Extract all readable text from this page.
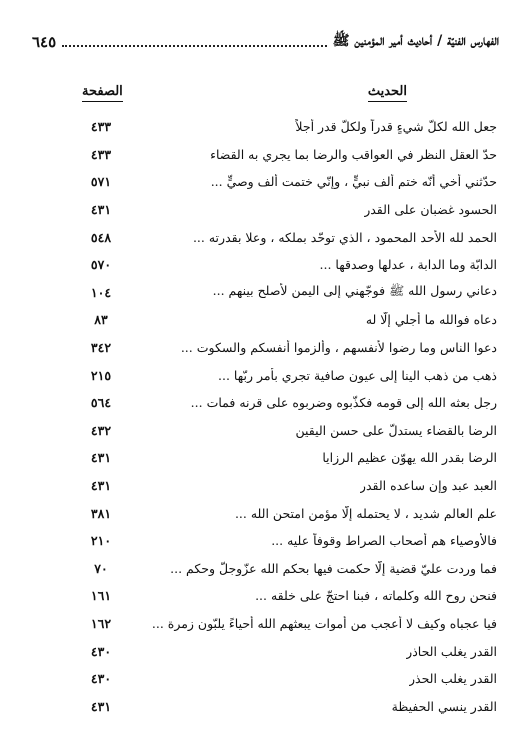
الفهارس الفنيّة / أحاديث أمير المؤمنين ﷺ
٦٤٥
الحديث
الصفحة
جعل الله لكلّ شيءٍ قدراً ولكلّ قدرٍ أجلاً
٤٣٣
حدّ العقل النظر في العواقب والرضا بما يجري به القضاء
٤٣٣
حدّثني أخي أنّه ختم ألف نبيٍّ ، وإنّي ختمت ألف وصيٍّ ...
٥٧١
الحسود غضبان على القدر
٤٣١
الحمد لله الأحد المحمود ، الذي توحّد بملكه ، وعلا بقدرته ...
٥٤٨
الدابّة وما الدابة ، عدلها وصدقها ...
٥٧٠
دعاني رسول الله ﷺ فوجّهني إلى اليمن لأصلح بينهم ...
١٠٤
دعاه فوالله ما أجلي إلّا له
٨٣
دعوا الناس وما رضوا لأنفسهم ، وألزموا أنفسكم والسكوت ...
٣٤٢
ذهب من ذهب الينا إلى عيون صافية تجري بأمر ربّها ...
٢١٥
رجل بعثه الله إلى قومه فكذّبوه وضربوه على قرنه فمات ...
٥٦٤
الرضا بالقضاء يستدلّ على حسن اليقين
٤٣٢
الرضا بقدر الله يهوّن عظيم الرزايا
٤٣١
العبد عبد وإن ساعده القدر
٤٣١
علم العالم شديد ، لا يحتمله إلّا مؤمن امتحن الله ...
٣٨١
فالأوصياء هم أصحاب الصراط وقوفاً عليه ...
٢١٠
فما وردت عليّ قضية إلّا حكمت فيها بحكم الله عزّوجلّ وحكم ...
٧٠
فنحن روح الله وكلماته ، فبنا احتجّ على خلقه ...
١٦١
فيا عجباه وكيف لا أعجب من أموات يبعثهم الله أحياءً يلبّون زمرة ...
١٦٢
القدر يغلب الحاذر
٤٣٠
القدر يغلب الحذر
٤٣٠
القدر ينسي الحفيظة
٤٣١
